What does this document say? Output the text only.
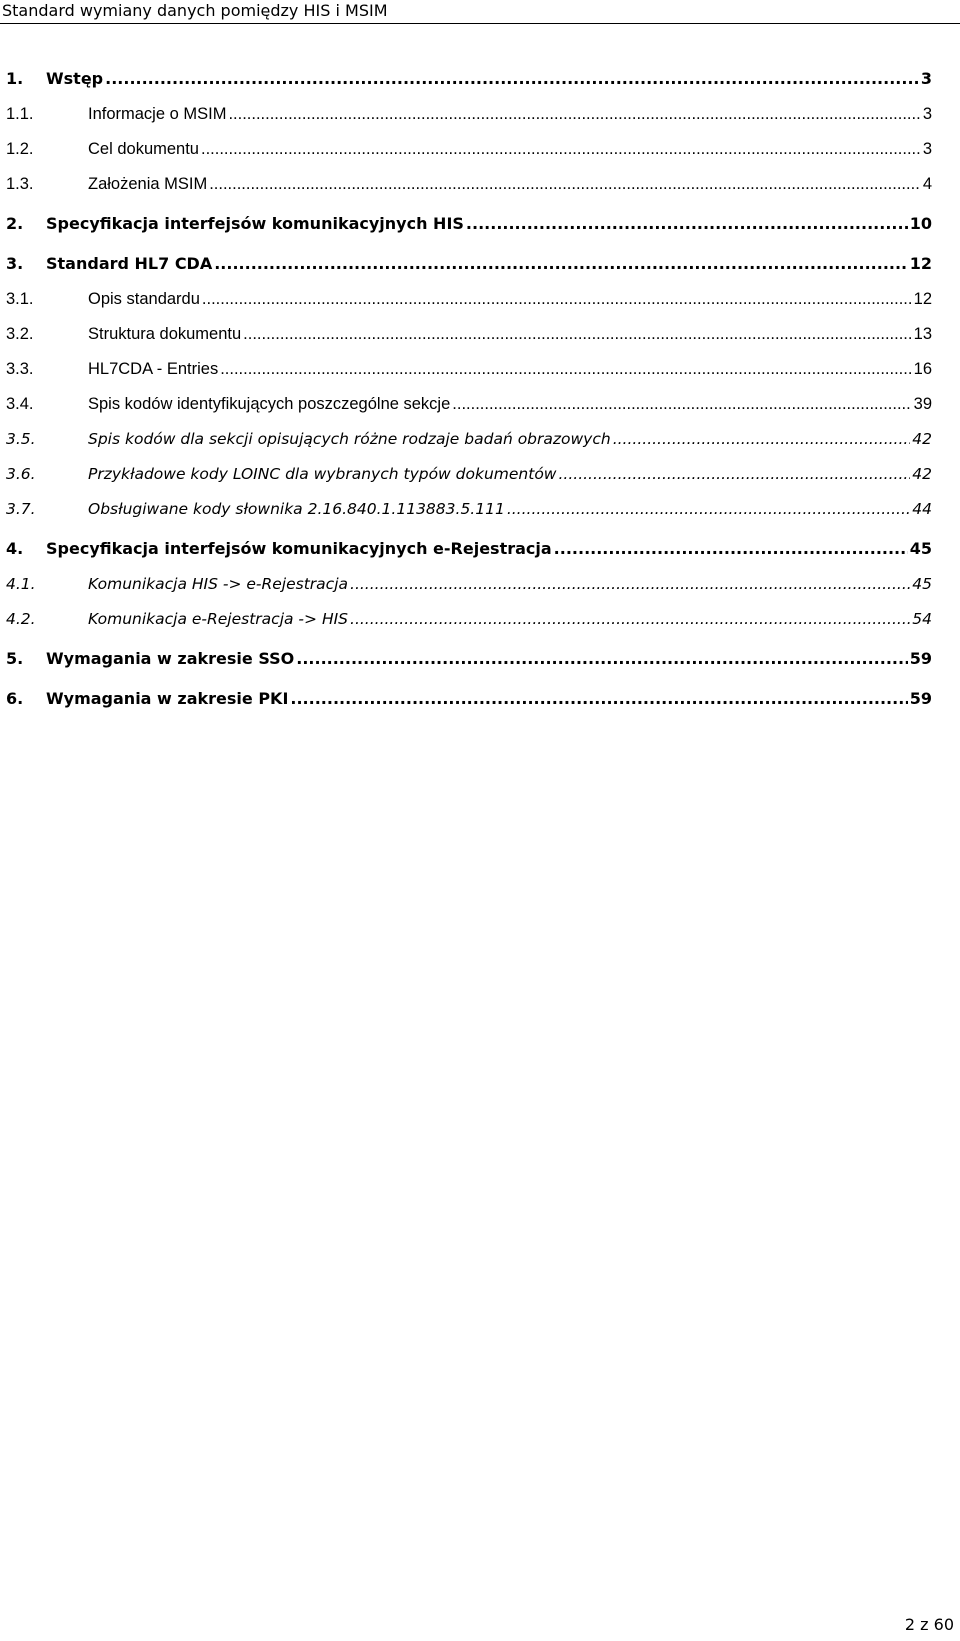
Standard wymiany danych pomiędzy HIS i MSIM
1.	Wstęp .....	3
1.1.	Informacje o MSIM .....	3
1.2.	Cel dokumentu .....	3
1.3.	Założenia MSIM .....	4
2.	Specyfikacja interfejsów komunikacyjnych HIS .....	10
3.	Standard HL7 CDA .....	12
3.1.	Opis standardu .....	12
3.2.	Struktura dokumentu .....	13
3.3.	HL7CDA - Entries .....	16
3.4.	Spis kodów identyfikujących poszczególne sekcje .....	39
3.5.	Spis kodów dla sekcji opisujących różne rodzaje badań obrazowych .....	42
3.6.	Przykładowe kody LOINC dla wybranych typów dokumentów .....	42
3.7.	Obsługiwane kody słownika 2.16.840.1.113883.5.111 .....	44
4.	Specyfikacja interfejsów komunikacyjnych e-Rejestracja .....	45
4.1.	Komunikacja HIS -> e-Rejestracja .....	45
4.2.	Komunikacja e-Rejestracja -> HIS .....	54
5.	Wymagania w zakresie SSO .....	59
6.	Wymagania w zakresie PKI .....	59
2 z 60
